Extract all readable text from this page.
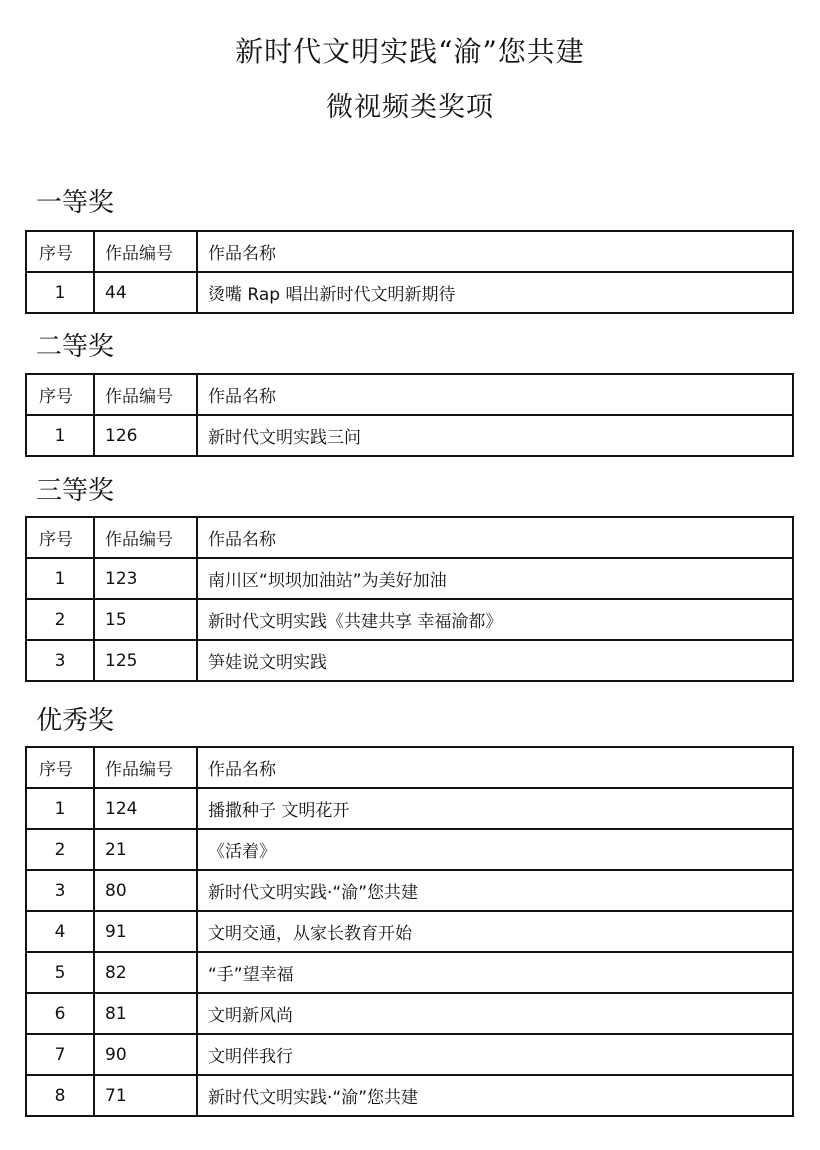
新时代文明实践“渝”您共建
微视频类奖项
一等奖
序号	作品编号	作品名称
1	44	烫嘴 Rap 唱出新时代文明新期待
二等奖
序号	作品编号	作品名称
1	126	新时代文明实践三问
三等奖
序号	作品编号	作品名称
1	123	南川区“坝坝加油站”为美好加油
2	15	新时代文明实践《共建共享 幸福渝都》
3	125	笋娃说文明实践
优秀奖
序号	作品编号	作品名称
1	124	播撒种子 文明花开
2	21	《活着》
3	80	新时代文明实践·“渝”您共建
4	91	文明交通，从家长教育开始
5	82	“手”望幸福
6	81	文明新风尚
7	90	文明伴我行
8	71	新时代文明实践·“渝”您共建
